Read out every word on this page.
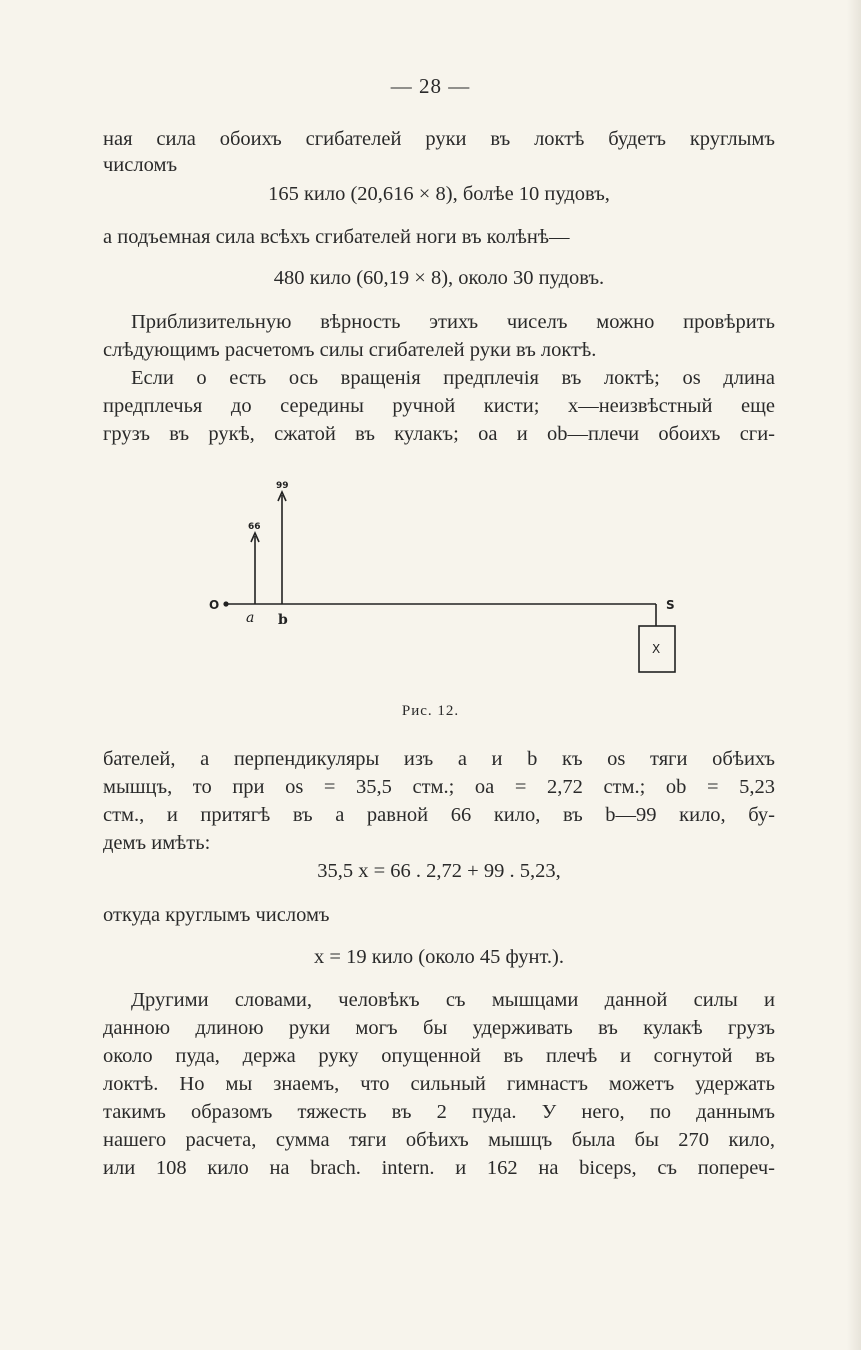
— 28 —
ная сила обоихъ сгибателей руки въ локтѣ будетъ круглымъ
числомъ
165 кило (20,616 × 8), болѣе 10 пудовъ,
а подъемная сила всѣхъ сгибателей ноги въ колѣнѣ—
480 кило (60,19 × 8), около 30 пудовъ.
Приблизительную вѣрность этихъ чиселъ можно провѣрить
слѣдующимъ расчетомъ силы сгибателей руки въ локтѣ.
Если o есть ось вращенія предплечія въ локтѣ; os длина
предплечья до середины ручной кисти; x—неизвѣстный еще
грузъ въ рукѣ, сжатой въ кулакъ; oa и ob—плечи обоихъ сги-
O
a b
S
X
66
99
Рис. 12.
бателей, а перпендикуляры изъ a и b къ os тяги обѣихъ
мышцъ, то при os = 35,5 стм.; oa = 2,72 стм.; ob = 5,23
стм., и притягѣ въ a равной 66 кило, въ b—99 кило, бу-
демъ имѣть:
35,5 x = 66 . 2,72 + 99 . 5,23,
откуда круглымъ числомъ
x = 19 кило (около 45 фунт.).
Другими словами, человѣкъ съ мышцами данной силы и
данною длиною руки могъ бы удерживать въ кулакѣ грузъ
около пуда, держа руку опущенной въ плечѣ и согнутой въ
локтѣ. Но мы знаемъ, что сильный гимнастъ можетъ удержать
такимъ образомъ тяжесть въ 2 пуда. У него, по даннымъ
нашего расчета, сумма тяги обѣихъ мышцъ была бы 270 кило,
или 108 кило на brach. intern. и 162 на biceps, съ попереч-
